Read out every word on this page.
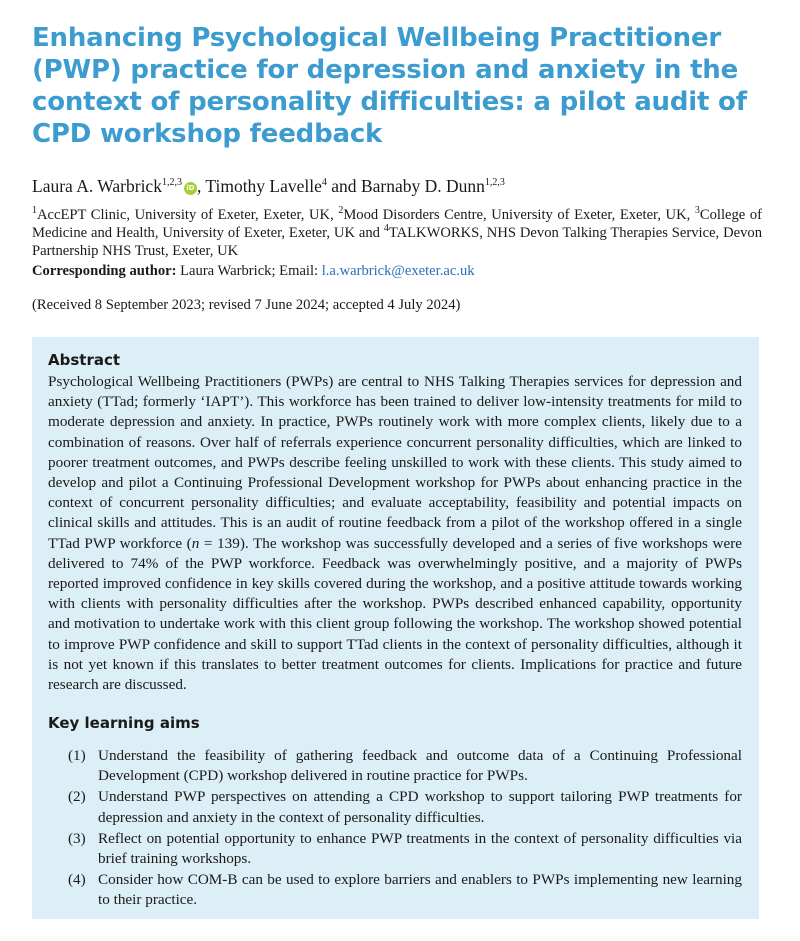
Enhancing Psychological Wellbeing Practitioner (PWP) practice for depression and anxiety in the context of personality difficulties: a pilot audit of CPD workshop feedback
Laura A. Warbrick$^{1,2,3}$ iD , Timothy Lavelle$^4$ and Barnaby D. Dunn$^{1,2,3}$
$^1$AccEPT Clinic, University of Exeter, Exeter, UK, $^2$Mood Disorders Centre, University of Exeter, Exeter, UK, $^3$College of Medicine and Health, University of Exeter, Exeter, UK and $^4$TALKWORKS, NHS Devon Talking Therapies Service, Devon Partnership NHS Trust, Exeter, UK
Corresponding author: Laura Warbrick; Email: l.a.warbrick@exeter.ac.uk
(Received 8 September 2023; revised 7 June 2024; accepted 4 July 2024)
Abstract

Psychological Wellbeing Practitioners (PWPs) are central to NHS Talking Therapies services for depression and anxiety (TTad; formerly ‘IAPT’). This workforce has been trained to deliver low-intensity treatments for mild to moderate depression and anxiety. In practice, PWPs routinely work with more complex clients, likely due to a combination of reasons. Over half of referrals experience concurrent personality difficulties, which are linked to poorer treatment outcomes, and PWPs describe feeling unskilled to work with these clients. This study aimed to develop and pilot a Continuing Professional Development workshop for PWPs about enhancing practice in the context of concurrent personality difficulties; and evaluate acceptability, feasibility and potential impacts on clinical skills and attitudes. This is an audit of routine feedback from a pilot of the workshop offered in a single TTad PWP workforce (n = 139). The workshop was successfully developed and a series of five workshops were delivered to 74% of the PWP workforce. Feedback was overwhelmingly positive, and a majority of PWPs reported improved confidence in key skills covered during the workshop, and a positive attitude towards working with clients with personality difficulties after the workshop. PWPs described enhanced capability, opportunity and motivation to undertake work with this client group following the workshop. The workshop showed potential to improve PWP confidence and skill to support TTad clients in the context of personality difficulties, although it is not yet known if this translates to better treatment outcomes for clients. Implications for practice and future research are discussed.

Key learning aims
(1) Understand the feasibility of gathering feedback and outcome data of a Continuing Professional Development (CPD) workshop delivered in routine practice for PWPs.
(2) Understand PWP perspectives on attending a CPD workshop to support tailoring PWP treatments for depression and anxiety in the context of personality difficulties.
(3) Reflect on potential opportunity to enhance PWP treatments in the context of personality difficulties via brief training workshops.
(4) Consider how COM-B can be used to explore barriers and enablers to PWPs implementing new learning to their practice.
